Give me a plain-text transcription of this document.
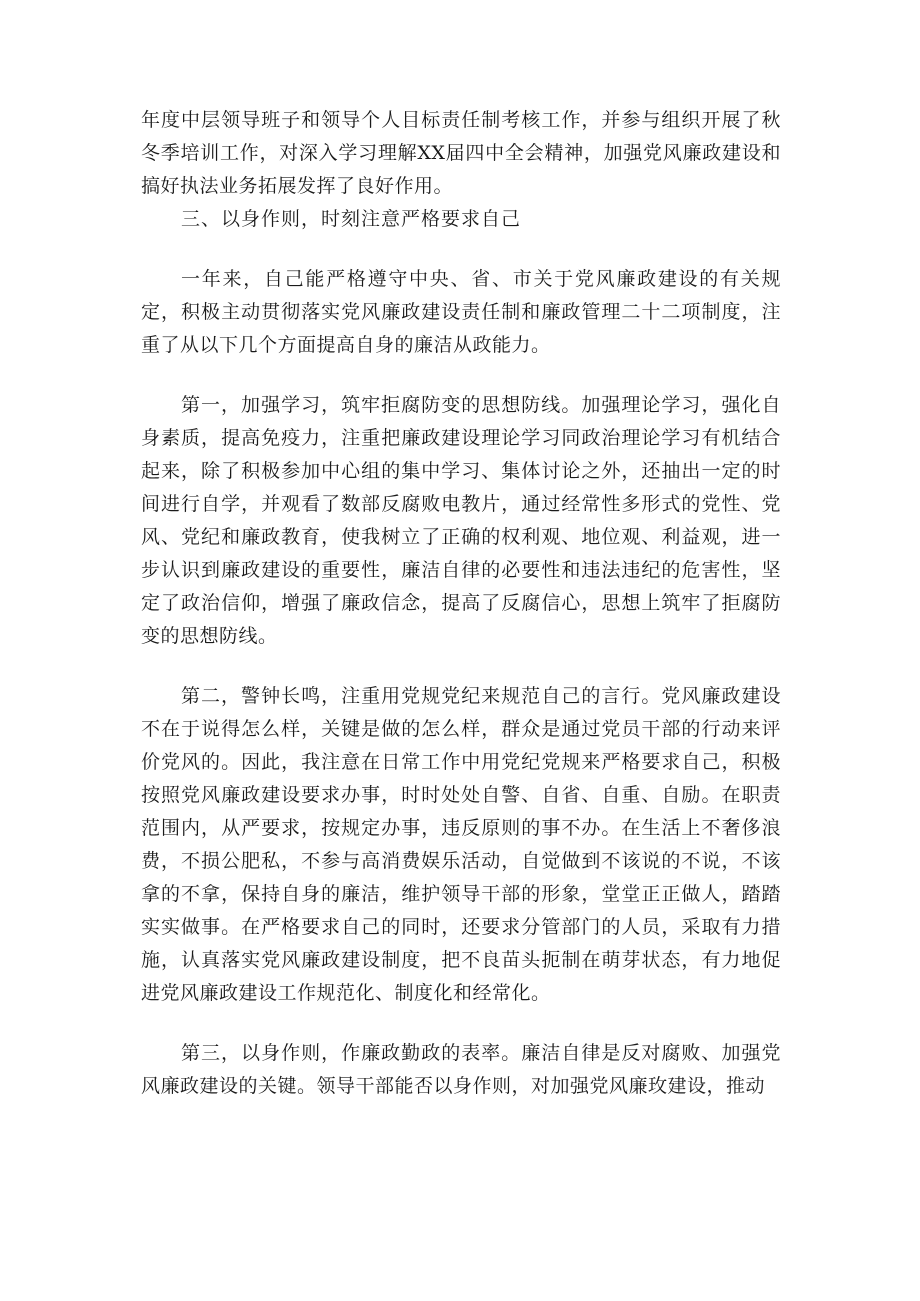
年度中层领导班子和领导个人目标责任制考核工作，并参与组织开展了秋冬季培训工作，对深入学习理解XX届四中全会精神，加强党风廉政建设和搞好执法业务拓展发挥了良好作用。

三、以身作则，时刻注意严格要求自己

一年来，自己能严格遵守中央、省、市关于党风廉政建设的有关规定，积极主动贯彻落实党风廉政建设责任制和廉政管理二十二项制度，注重了从以下几个方面提高自身的廉洁从政能力。

第一，加强学习，筑牢拒腐防变的思想防线。加强理论学习，强化自身素质，提高免疫力，注重把廉政建设理论学习同政治理论学习有机结合起来，除了积极参加中心组的集中学习、集体讨论之外，还抽出一定的时间进行自学，并观看了数部反腐败电教片，通过经常性多形式的党性、党风、党纪和廉政教育，使我树立了正确的权利观、地位观、利益观，进一步认识到廉政建设的重要性，廉洁自律的必要性和违法违纪的危害性，坚定了政治信仰，增强了廉政信念，提高了反腐信心，思想上筑牢了拒腐防变的思想防线。

第二，警钟长鸣，注重用党规党纪来规范自己的言行。党风廉政建设不在于说得怎么样，关键是做的怎么样，群众是通过党员干部的行动来评价党风的。因此，我注意在日常工作中用党纪党规来严格要求自己，积极按照党风廉政建设要求办事，时时处处自警、自省、自重、自励。在职责范围内，从严要求，按规定办事，违反原则的事不办。在生活上不奢侈浪费，不损公肥私，不参与高消费娱乐活动，自觉做到不该说的不说，不该拿的不拿，保持自身的廉洁，维护领导干部的形象，堂堂正正做人，踏踏实实做事。在严格要求自己的同时，还要求分管部门的人员，采取有力措施，认真落实党风廉政建设制度，把不良苗头扼制在萌芽状态，有力地促进党风廉政建设工作规范化、制度化和经常化。

第三，以身作则，作廉政勤政的表率。廉洁自律是反对腐败、加强党风廉政建设的关键。领导干部能否以身作则，对加强党风廉玫建设，推动
